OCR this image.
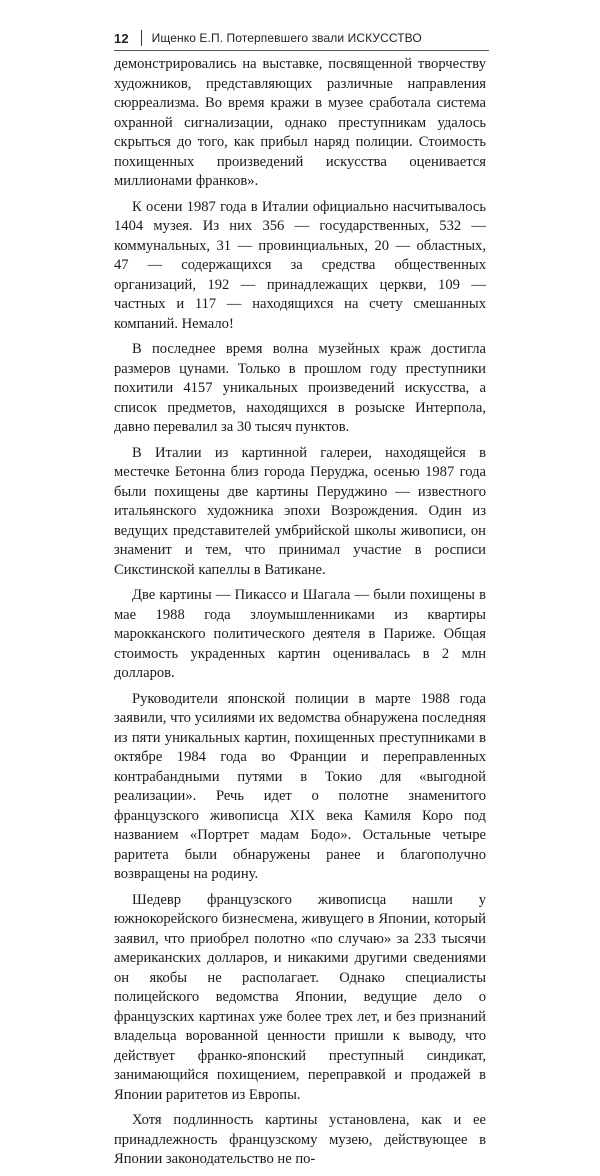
12 Ищенко Е.П. Потерпевшего звали ИСКУССТВО

демонстрировались на выставке, посвященной творчеству художников, представляющих различные направления сюрреализма. Во время кражи в музее сработала система охранной сигнализации, однако преступникам удалось скрыться до того, как прибыл наряд полиции. Стоимость похищенных произведений искусства оценивается миллионами франков».

К осени 1987 года в Италии официально насчитывалось 1404 музея. Из них 356 — государственных, 532 — коммунальных, 31 — провинциальных, 20 — областных, 47 — содержащихся за средства общественных организаций, 192 — принадлежащих церкви, 109 — частных и 117 — находящихся на счету смешанных компаний. Немало!

В последнее время волна музейных краж достигла размеров цунами. Только в прошлом году преступники похитили 4157 уникальных произведений искусства, а список предметов, находящихся в розыске Интерпола, давно перевалил за 30 тысяч пунктов.

В Италии из картинной галереи, находящейся в местечке Бетонна близ города Перуджа, осенью 1987 года были похищены две картины Перуджино — известного итальянского художника эпохи Возрождения. Один из ведущих представителей умбрийской школы живописи, он знаменит и тем, что принимал участие в росписи Сикстинской капеллы в Ватикане.

Две картины — Пикассо и Шагала — были похищены в мае 1988 года злоумышленниками из квартиры марокканского политического деятеля в Париже. Общая стоимость украденных картин оценивалась в 2 млн долларов.

Руководители японской полиции в марте 1988 года заявили, что усилиями их ведомства обнаружена последняя из пяти уникальных картин, похищенных преступниками в октябре 1984 года во Франции и переправленных контрабандными путями в Токио для «выгодной реализации». Речь идет о полотне знаменитого французского живописца XIX века Камиля Коро под названием «Портрет мадам Бодо». Остальные четыре раритета были обнаружены ранее и благополучно возвращены на родину.

Шедевр французского живописца нашли у южнокорейского бизнесмена, живущего в Японии, который заявил, что приобрел полотно «по случаю» за 233 тысячи американских долларов, и никакими другими сведениями он якобы не располагает. Однако специалисты полицейского ведомства Японии, ведущие дело о французских картинах уже более трех лет, и без признаний владельца ворованной ценности пришли к выводу, что действует франко-японский преступный синдикат, занимающийся похищением, переправкой и продажей в Японии раритетов из Европы.

Хотя подлинность картины установлена, как и ее принадлежность французскому музею, действующее в Японии законодательство не по-
